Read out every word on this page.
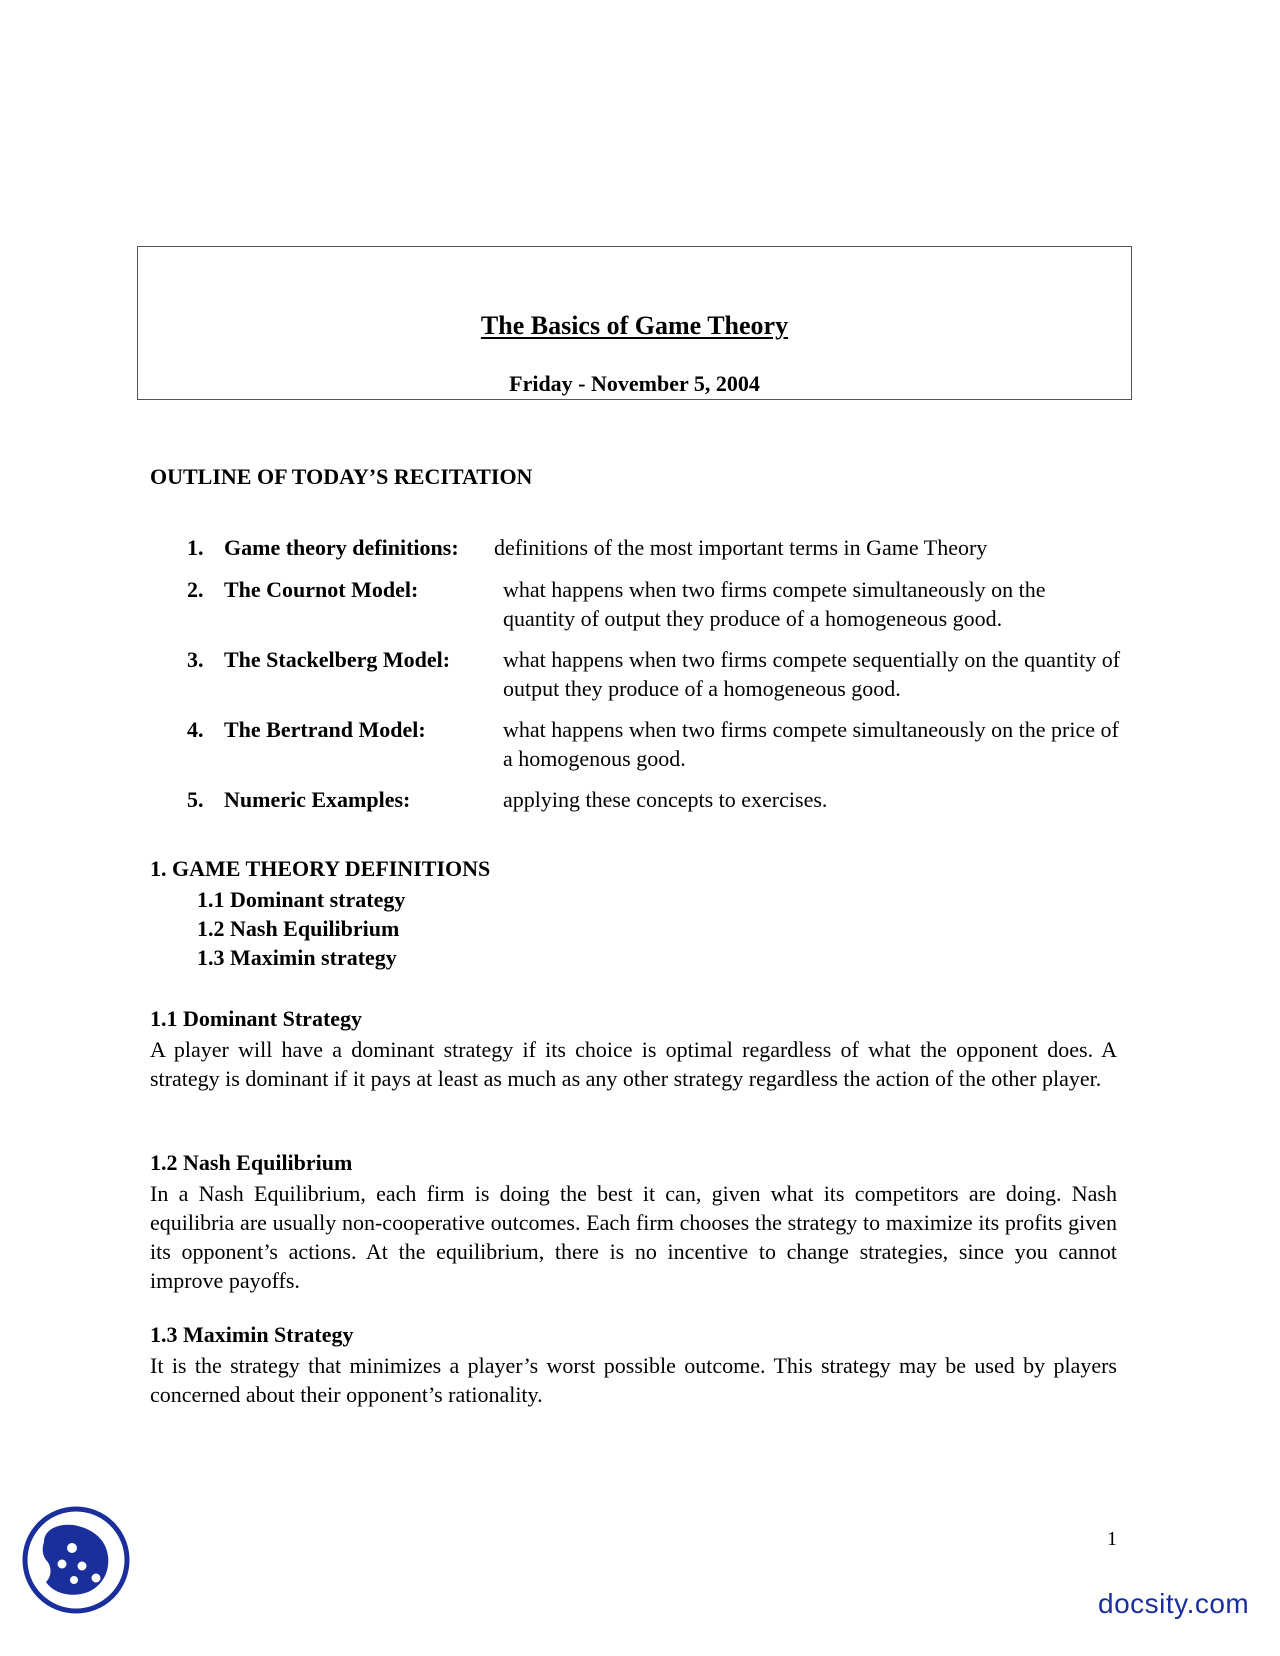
The Basics of Game Theory
Friday - November 5, 2004
OUTLINE OF TODAY’S RECITATION
1. Game theory definitions: definitions of the most important terms in Game Theory
2. The Cournot Model:	what happens when two firms compete simultaneously on the quantity of output they produce of a homogeneous good.
3. The Stackelberg Model: what happens when two firms compete sequentially on the quantity of output they produce of a homogeneous good.
4. The Bertrand Model:	what happens when two firms compete simultaneously on the price of a homogenous good.
5. Numeric Examples:	applying these concepts to exercises.
1. GAME THEORY DEFINITIONS
1.1 Dominant strategy
1.2 Nash Equilibrium
1.3 Maximin strategy
1.1 Dominant Strategy
A player will have a dominant strategy if its choice is optimal regardless of what the opponent does. A strategy is dominant if it pays at least as much as any other strategy regardless the action of the other player.
1.2 Nash Equilibrium
In a Nash Equilibrium, each firm is doing the best it can, given what its competitors are doing. Nash equilibria are usually non-cooperative outcomes. Each firm chooses the strategy to maximize its profits given its opponent’s actions. At the equilibrium, there is no incentive to change strategies, since you cannot improve payoffs.
1.3 Maximin Strategy
It is the strategy that minimizes a player’s worst possible outcome. This strategy may be used by players concerned about their opponent’s rationality.
1
docsity.com
